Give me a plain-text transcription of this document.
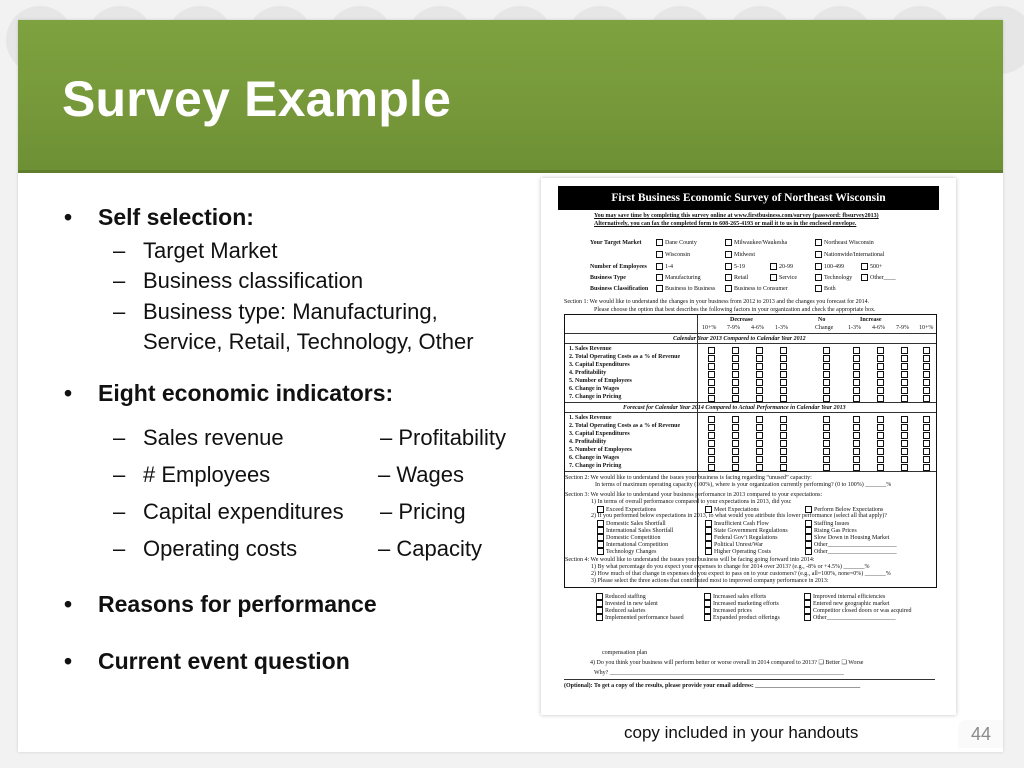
Survey Example
• Self selection:
– Target Market
– Business classification
– Business type: Manufacturing,
Service, Retail, Technology, Other
• Eight economic indicators:
– Sales revenue	– Profitability
– # Employees	– Wages
– Capital expenditures – Pricing
– Operating costs	– Capacity
• Reasons for performance
• Current event question
First Business Economic Survey of Northeast Wisconsin
You may save time by completing this survey online at www.firstbusiness.com/survey (password: fbsurvey2013)
Alternatively, you can fax the completed form to 608-265-4193 or mail it to us in the enclosed envelope.
Your Target Market	Dane County	Milwaukee/Waukesha	Northeast Wisconsin
Wisconsin	Midwest	Nationwide/International
Number of Employees	1-4	5-19	20-99	100-499	500+
Business Type	Manufacturing	Retail	Service	Technology	Other____
Business Classification	Business to Business	Business to Consumer	Both
Section 1: We would like to understand the changes in your business from 2012 to 2013 and the changes you forecast for 2014.
Please choose the option that best describes the following factors in your organization and check the appropriate box.
Decrease	No	Increase
Change
10+% 7-9% 4-6% 1-3%	1-3% 4-6% 7-9% 10+%
Calendar Year 2013 Compared to Calendar Year 2012
1. Sales Revenue
2. Total Operating Costs as a % of Revenue
3. Capital Expenditures
4. Profitability
5. Number of Employees
6. Change in Wages
7. Change in Pricing
Forecast for Calendar Year 2014 Compared to Actual Performance in Calendar Year 2013
1. Sales Revenue
2. Total Operating Costs as a % of Revenue
3. Capital Expenditures
4. Profitability
5. Number of Employees
6. Change in Wages
7. Change in Pricing
Section 2: We would like to understand the issues your business is facing regarding “unused” capacity:
In terms of maximum operating capacity (100%), where is your organization currently performing? (0 to 100%) _______%
Section 3: We would like to understand your business performance in 2013 compared to your expectations:
1) In terms of overall performance compared to your expectations in 2013, did you:
Exceed Expectations	Meet Expectations	Perform Below Expectations
2) If you performed below expectations in 2013, to what would you attribute this lower performance (select all that apply)?
Domestic Sales Shortfall	Insufficient Cash Flow	Staffing Issues
International Sales Shortfall	State Government Regulations	Rising Gas Prices
Domestic Competition	Federal Gov’t Regulations	Slow Down in Housing Market
International Competition	Political Unrest/War	Other_______________________
Technology Changes	Higher Operating Costs	Other_______________________
Section 4: We would like to understand the issues your business will be facing going forward into 2014:
1) By what percentage do you expect your expenses to change for 2014 over 2013? (e.g., -8% or +4.5%) _______%
2) How much of that change in expenses do you expect to pass on to your customers? (e.g., all=100%, none=0%) _______%
3) Please select the three actions that contributed most to improved company performance in 2013:
Reduced staffing	Increased sales efforts	Improved internal efficiencies
Invested in new talent	Increased marketing efforts	Entered new geographic market
Reduced salaries	Increased prices	Competitor closed doors or was acquired
Implemented performance based	Expanded product offerings	Other_______________________
compensation plan
4) Do you think your business will perform better or worse overall in 2014 compared to 2013? ❑ Better ❑ Worse
Why? ______________________________________________________________________________
(Optional): To get a copy of the results, please provide your email address: ___________________________________
copy included in your handouts	44
